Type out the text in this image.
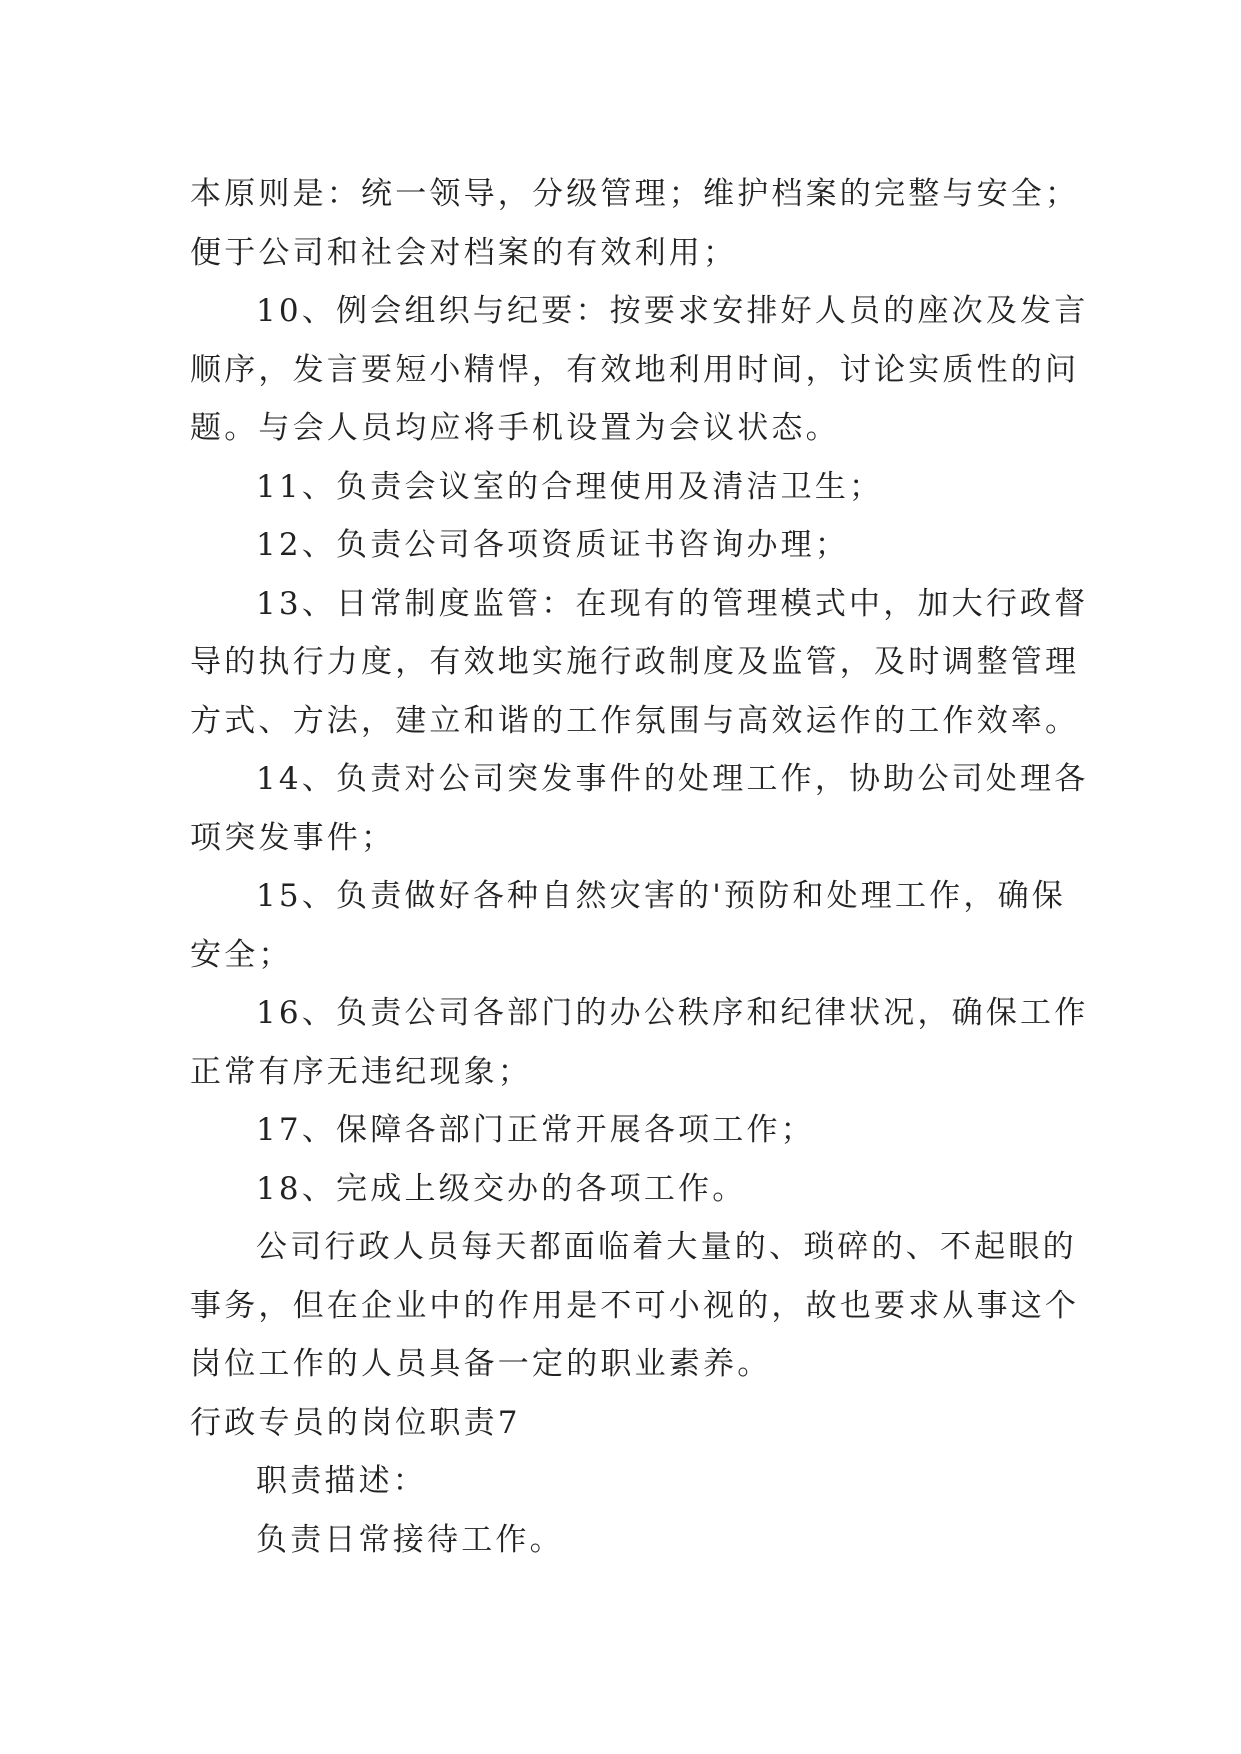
本原则是：统一领导，分级管理；维护档案的完整与安全；
便于公司和社会对档案的有效利用；
10、例会组织与纪要：按要求安排好人员的座次及发言
顺序，发言要短小精悍，有效地利用时间，讨论实质性的问
题。与会人员均应将手机设置为会议状态。
11、负责会议室的合理使用及清洁卫生；
12、负责公司各项资质证书咨询办理；
13、日常制度监管：在现有的管理模式中，加大行政督
导的执行力度，有效地实施行政制度及监管，及时调整管理
方式、方法，建立和谐的工作氛围与高效运作的工作效率。
14、负责对公司突发事件的处理工作，协助公司处理各
项突发事件；
15、负责做好各种自然灾害的'预防和处理工作，确保
安全；
16、负责公司各部门的办公秩序和纪律状况，确保工作
正常有序无违纪现象；
17、保障各部门正常开展各项工作；
18、完成上级交办的各项工作。
公司行政人员每天都面临着大量的、琐碎的、不起眼的
事务，但在企业中的作用是不可小视的，故也要求从事这个
岗位工作的人员具备一定的职业素养。
行政专员的岗位职责7
职责描述：
负责日常接待工作。
